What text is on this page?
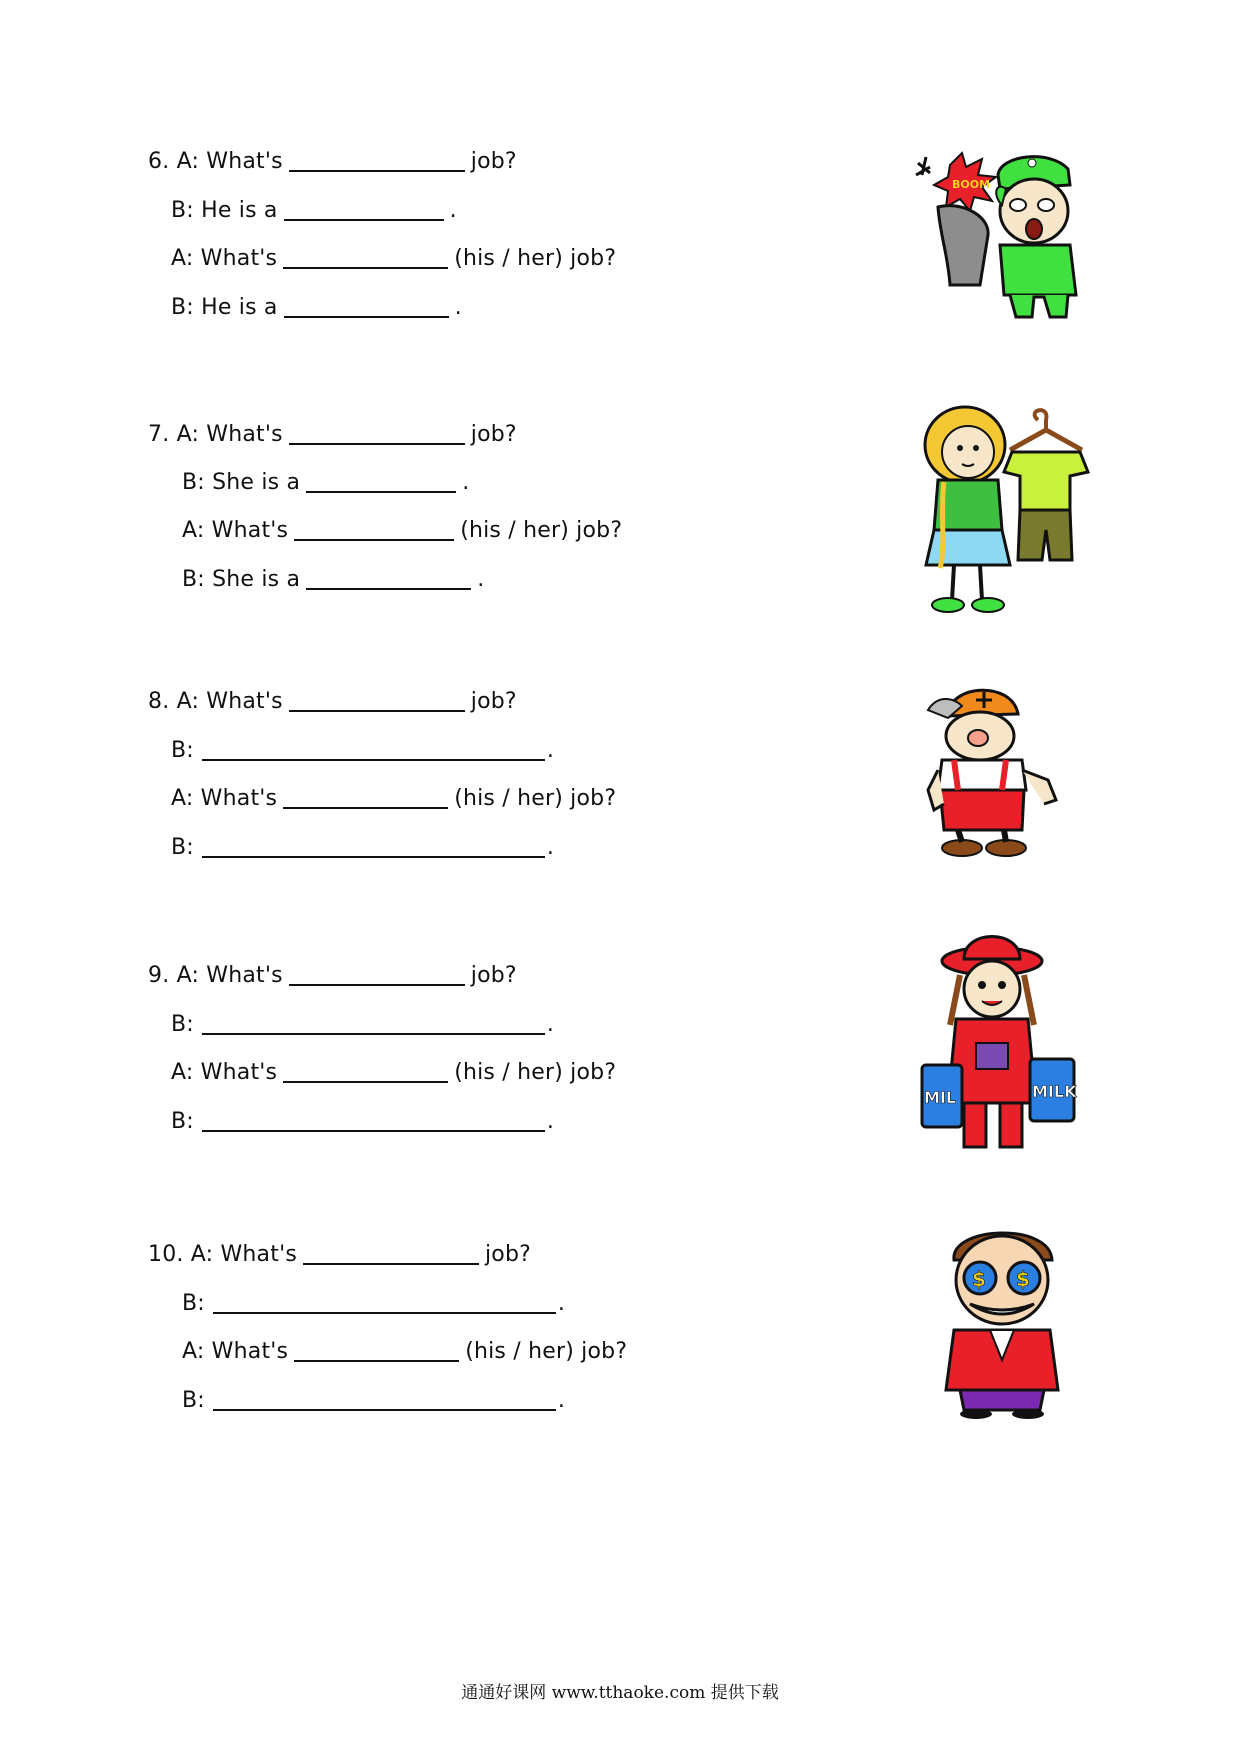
6. A: What's	job?
B: He is a	.
A: What's	(his / her) job?
B: He is a	.
BOOM
7. A: What's	job?
B: She is a	.
A: What's	(his / her) job?
B: She is a	.
8. A: What's	job?
B:	.
A: What's	(his / her) job?
B:	.
9. A: What's	job?
B:	.
A: What's	(his / her) job?
B:	.
MIL	MILK
10. A: What's	job?
B:	.
A: What's	(his / her) job?
B:	.
$ $
通通好课网 www.tthaoke.com 提供下载
